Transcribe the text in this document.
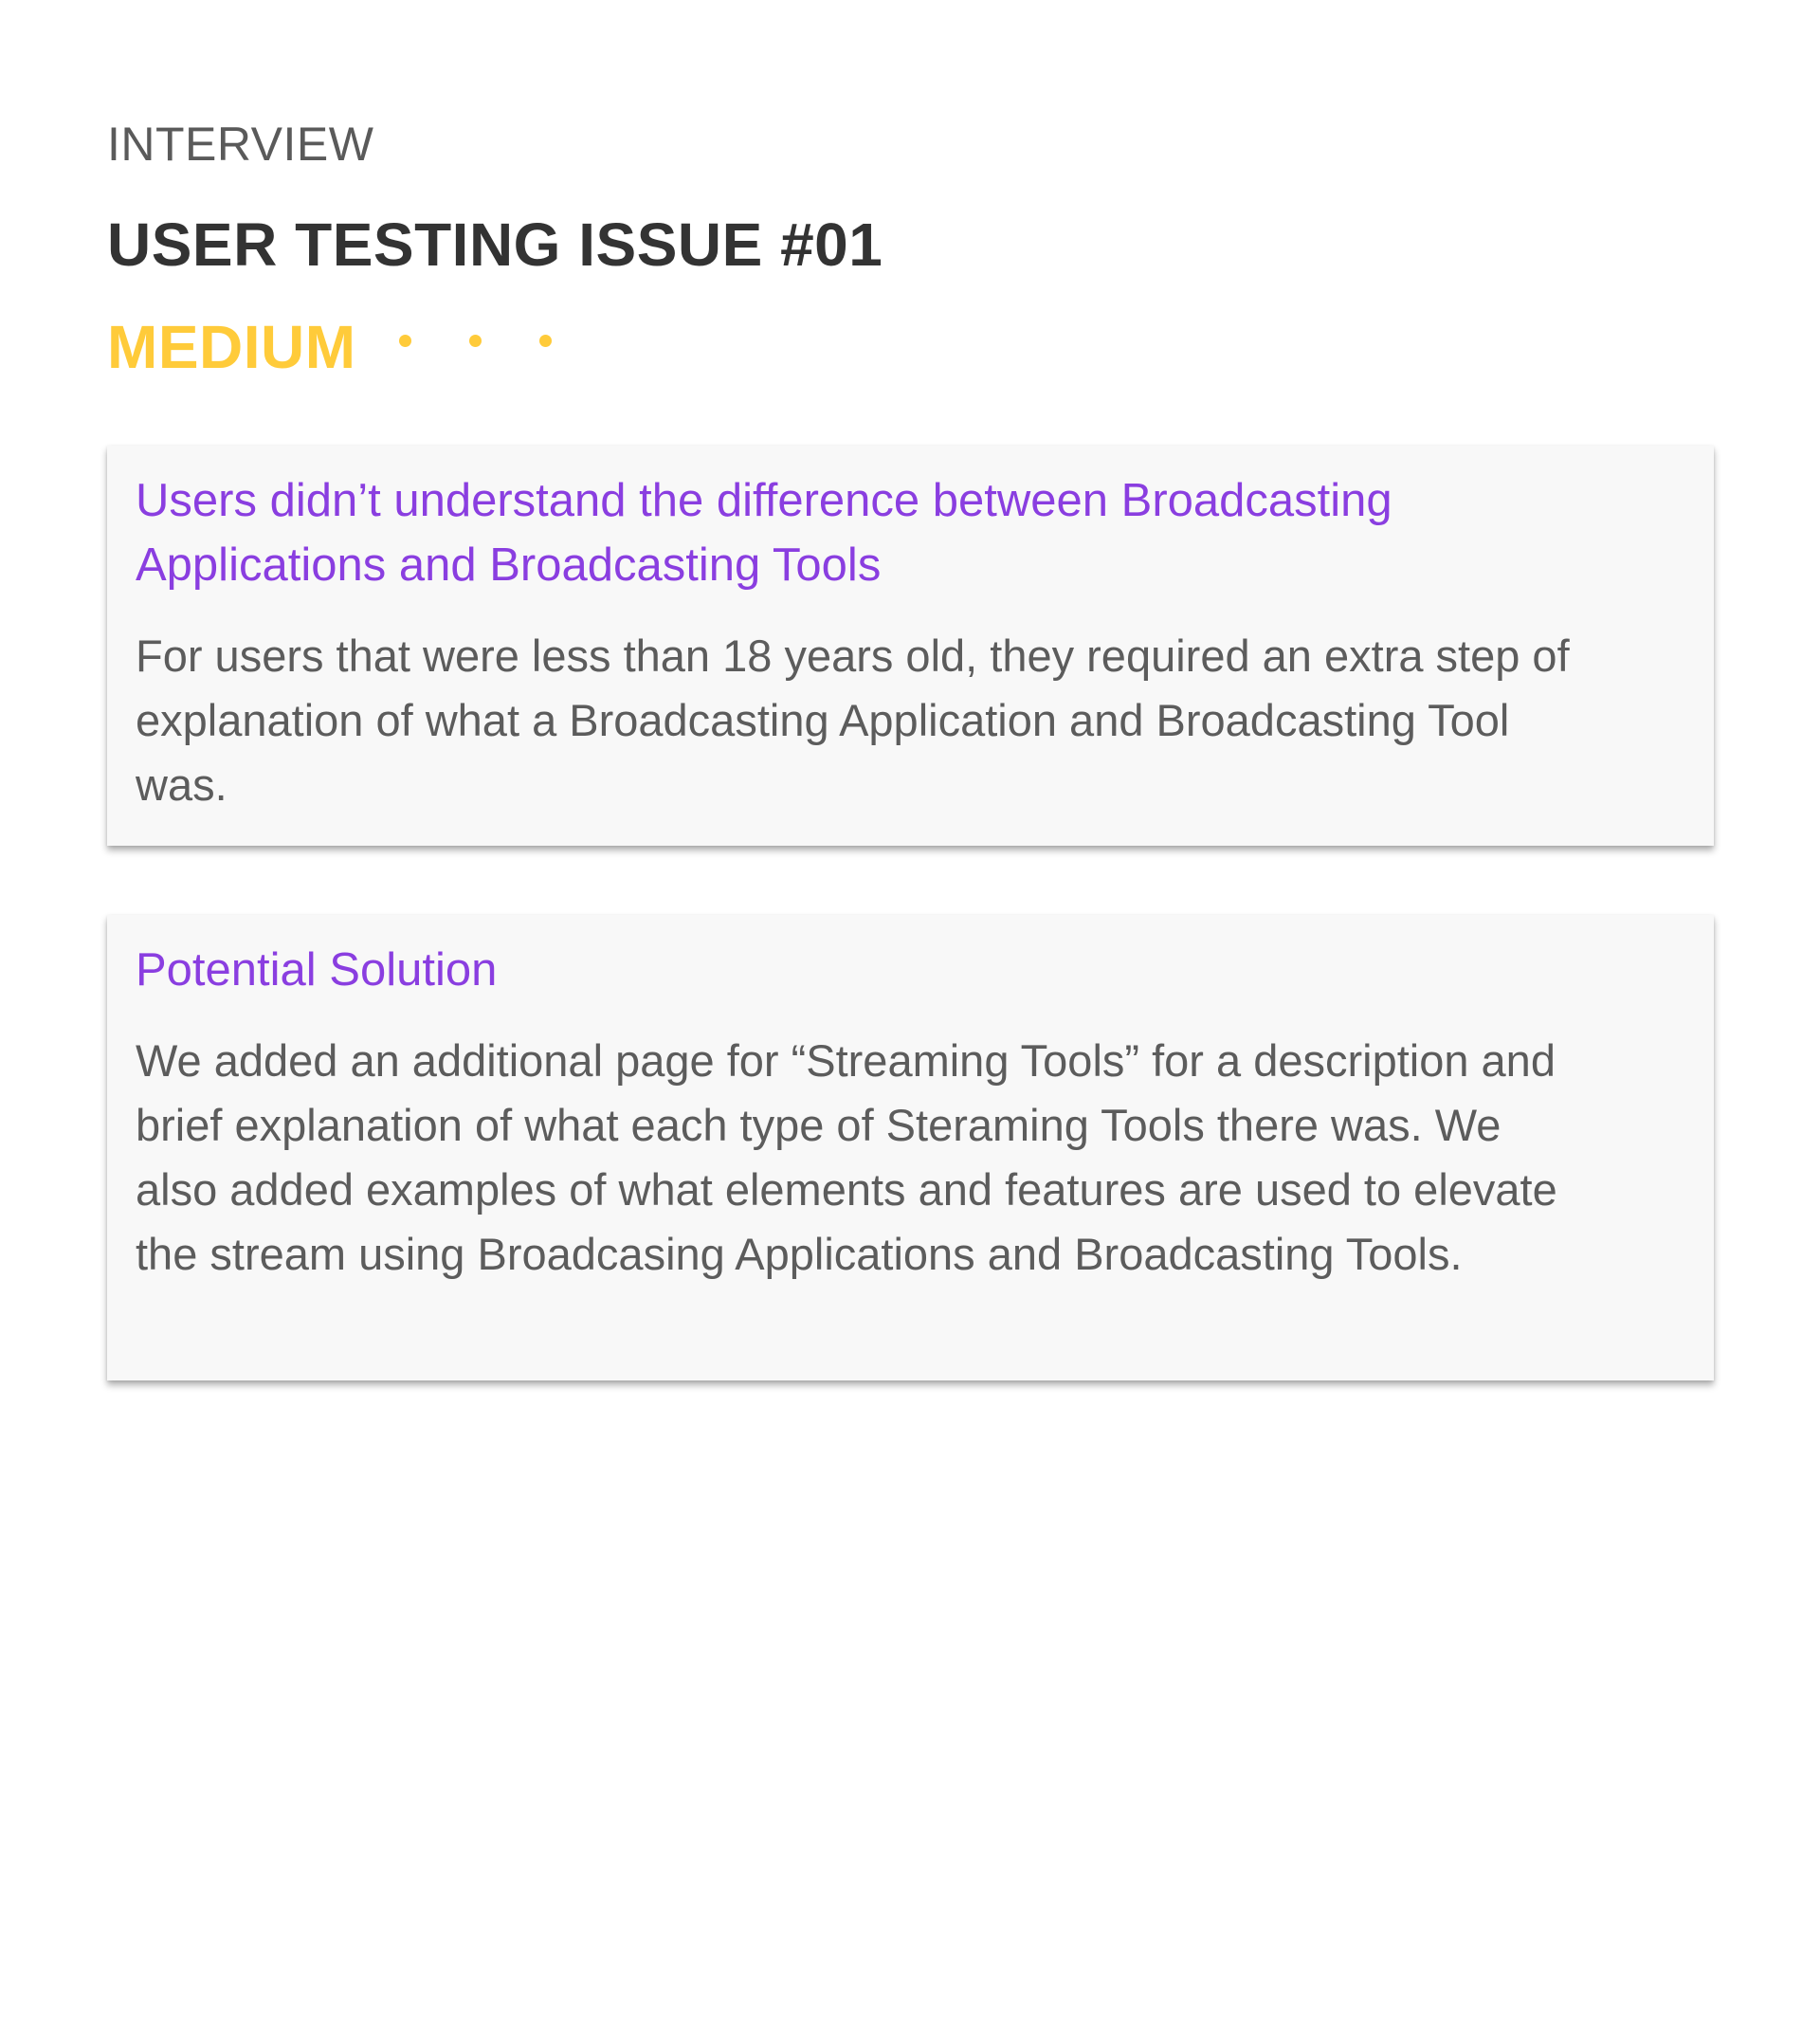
INTERVIEW
USER TESTING ISSUE #01
MEDIUM
Users didn’t understand the difference between Broadcasting Applications and Broadcasting Tools
For users that were less than 18 years old, they required an extra step of explanation of what a Broadcasting Application and Broadcasting Tool was.
Potential Solution
We added an additional page for “Streaming Tools” for a description and brief explanation of what each type of Steraming Tools there was. We also added examples of what elements and features are used to elevate the stream using Broadcasing Applications and Broadcasting Tools.
